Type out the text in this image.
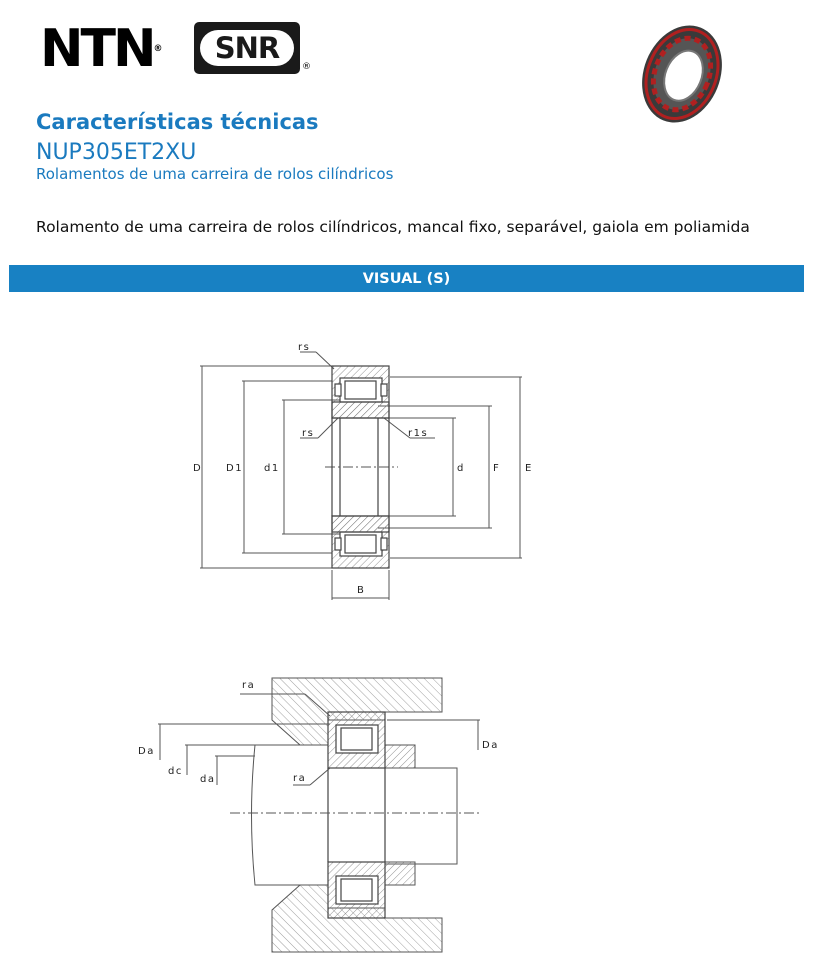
NTN®	SNR
®
Características técnicas
NUP305ET2XU
Rolamentos de uma carreira de rolos cilíndricos
Rolamento de uma carreira de rolos cilíndricos, mancal fixo, separável, gaiola em poliamida
VISUAL (S)
rs
rs	r1s
D D1 d1	d	F E
B
ra
ra
Da
dc
da
Da
